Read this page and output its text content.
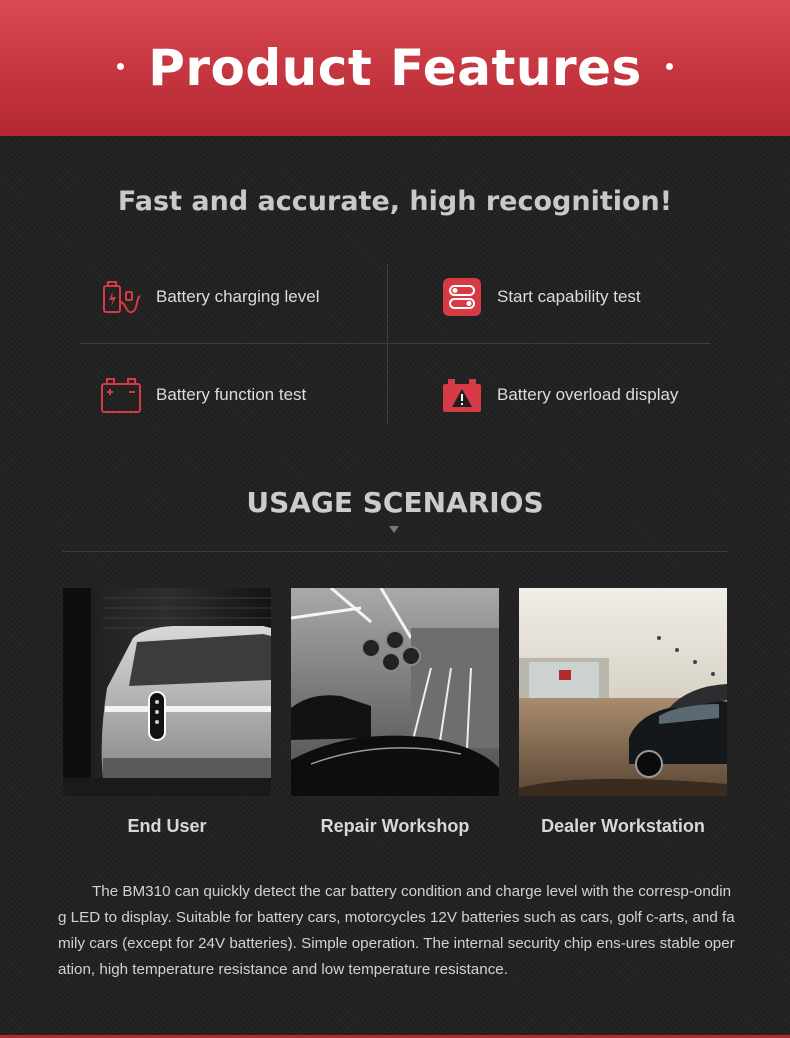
Product Features
Fast and accurate, high recognition!
Battery charging level	Start capability test
Battery function test	Battery overload display
USAGE SCENARIOS
End User	Repair Workshop	Dealer Workstation
The BM310 can quickly detect the car battery condition and charge level with the corresp-onding LED to display. Suitable for battery cars, motorcycles 12V batteries such as cars, golf c-arts, and family cars (except for 24V batteries). Simple operation. The internal security chip ens-ures stable operation, high temperature resistance and low temperature resistance.
